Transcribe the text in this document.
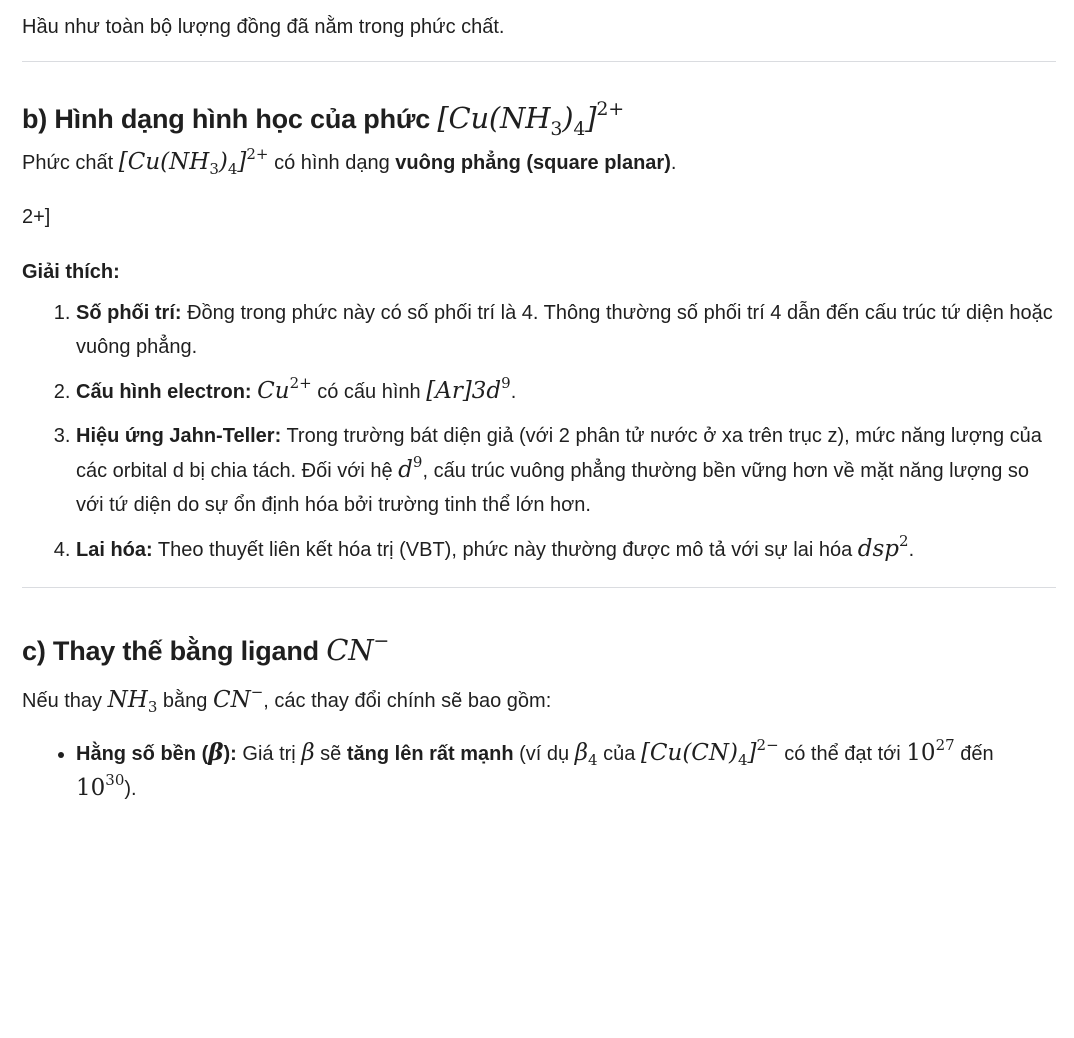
Hầu như toàn bộ lượng đồng đã nằm trong phức chất.

b) Hình dạng hình học của phức $[Cu(NH_3)_4]^{2+}$

Phức chất $[Cu(NH_3)_4]^{2+}$ có hình dạng vuông phẳng (square planar).

2+]

Giải thích:

1. Số phối trí: Đồng trong phức này có số phối trí là 4. Thông thường số phối trí 4 dẫn đến cấu trúc tứ diện hoặc vuông phẳng.
2. Cấu hình electron: $Cu^{2+}$ có cấu hình $[Ar]3d^9$.
3. Hiệu ứng Jahn-Teller: Trong trường bát diện giả (với 2 phân tử nước ở xa trên trục z), mức năng lượng của các orbital d bị chia tách. Đối với hệ $d^9$, cấu trúc vuông phẳng thường bền vững hơn về mặt năng lượng so với tứ diện do sự ổn định hóa bởi trường tinh thể lớn hơn.
4. Lai hóa: Theo thuyết liên kết hóa trị (VBT), phức này thường được mô tả với sự lai hóa dsp$^2$.
c) Thay thế bằng ligand CN−

Nếu thay $NH_3$ bằng CN−, các thay đổi chính sẽ bao gồm:

• Hằng số bền (β): Giá trị β sẽ tăng lên rất mạnh (ví dụ $\beta_4$ của $[Cu(CN)_4]^{2-}$ có thể đạt tới $10^{27}$ đến $10^{30}$).
